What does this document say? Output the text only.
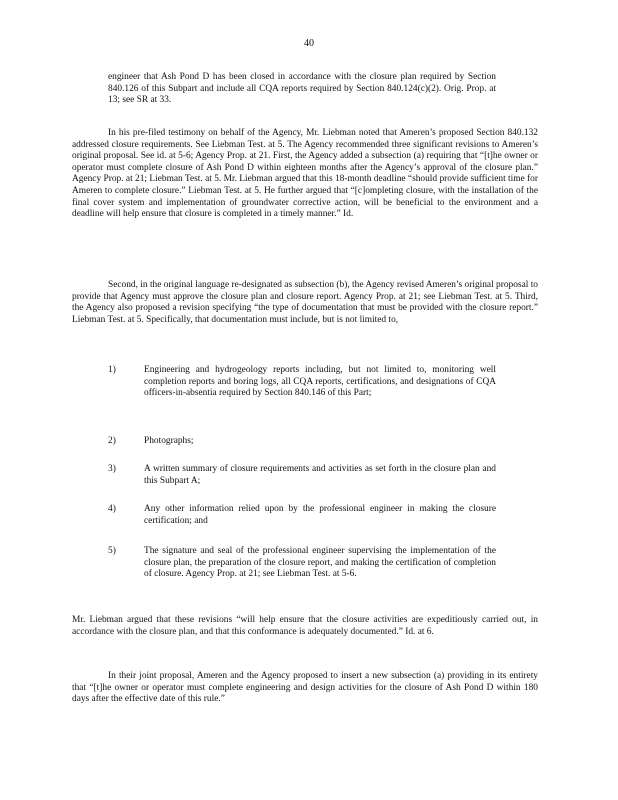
40
engineer that Ash Pond D has been closed in accordance with the closure plan required by Section 840.126 of this Subpart and include all CQA reports required by Section 840.124(c)(2). Orig. Prop. at 13; see SR at 33.
In his pre-filed testimony on behalf of the Agency, Mr. Liebman noted that Ameren’s proposed Section 840.132 addressed closure requirements. See Liebman Test. at 5. The Agency recommended three significant revisions to Ameren’s original proposal. See id. at 5-6; Agency Prop. at 21. First, the Agency added a subsection (a) requiring that “[t]he owner or operator must complete closure of Ash Pond D within eighteen months after the Agency’s approval of the closure plan.” Agency Prop. at 21; Liebman Test. at 5. Mr. Liebman argued that this 18-month deadline “should provide sufficient time for Ameren to complete closure.” Liebman Test. at 5. He further argued that “[c]ompleting closure, with the installation of the final cover system and implementation of groundwater corrective action, will be beneficial to the environment and a deadline will help ensure that closure is completed in a timely manner.” Id.
Second, in the original language re-designated as subsection (b), the Agency revised Ameren’s original proposal to provide that Agency must approve the closure plan and closure report. Agency Prop. at 21; see Liebman Test. at 5. Third, the Agency also proposed a revision specifying “the type of documentation that must be provided with the closure report.” Liebman Test. at 5. Specifically, that documentation must include, but is not limited to,
1)	Engineering and hydrogeology reports including, but not limited to, monitoring well completion reports and boring logs, all CQA reports, certifications, and designations of CQA officers-in-absentia required by Section 840.146 of this Part;
2)	Photographs;
3)	A written summary of closure requirements and activities as set forth in the closure plan and this Subpart A;
4)	Any other information relied upon by the professional engineer in making the closure certification; and
5)	The signature and seal of the professional engineer supervising the implementation of the closure plan, the preparation of the closure report, and making the certification of completion of closure. Agency Prop. at 21; see Liebman Test. at 5-6.
Mr. Liebman argued that these revisions “will help ensure that the closure activities are expeditiously carried out, in accordance with the closure plan, and that this conformance is adequately documented.” Id. at 6.
In their joint proposal, Ameren and the Agency proposed to insert a new subsection (a) providing in its entirety that “[t]he owner or operator must complete engineering and design activities for the closure of Ash Pond D within 180 days after the effective date of this rule.”
